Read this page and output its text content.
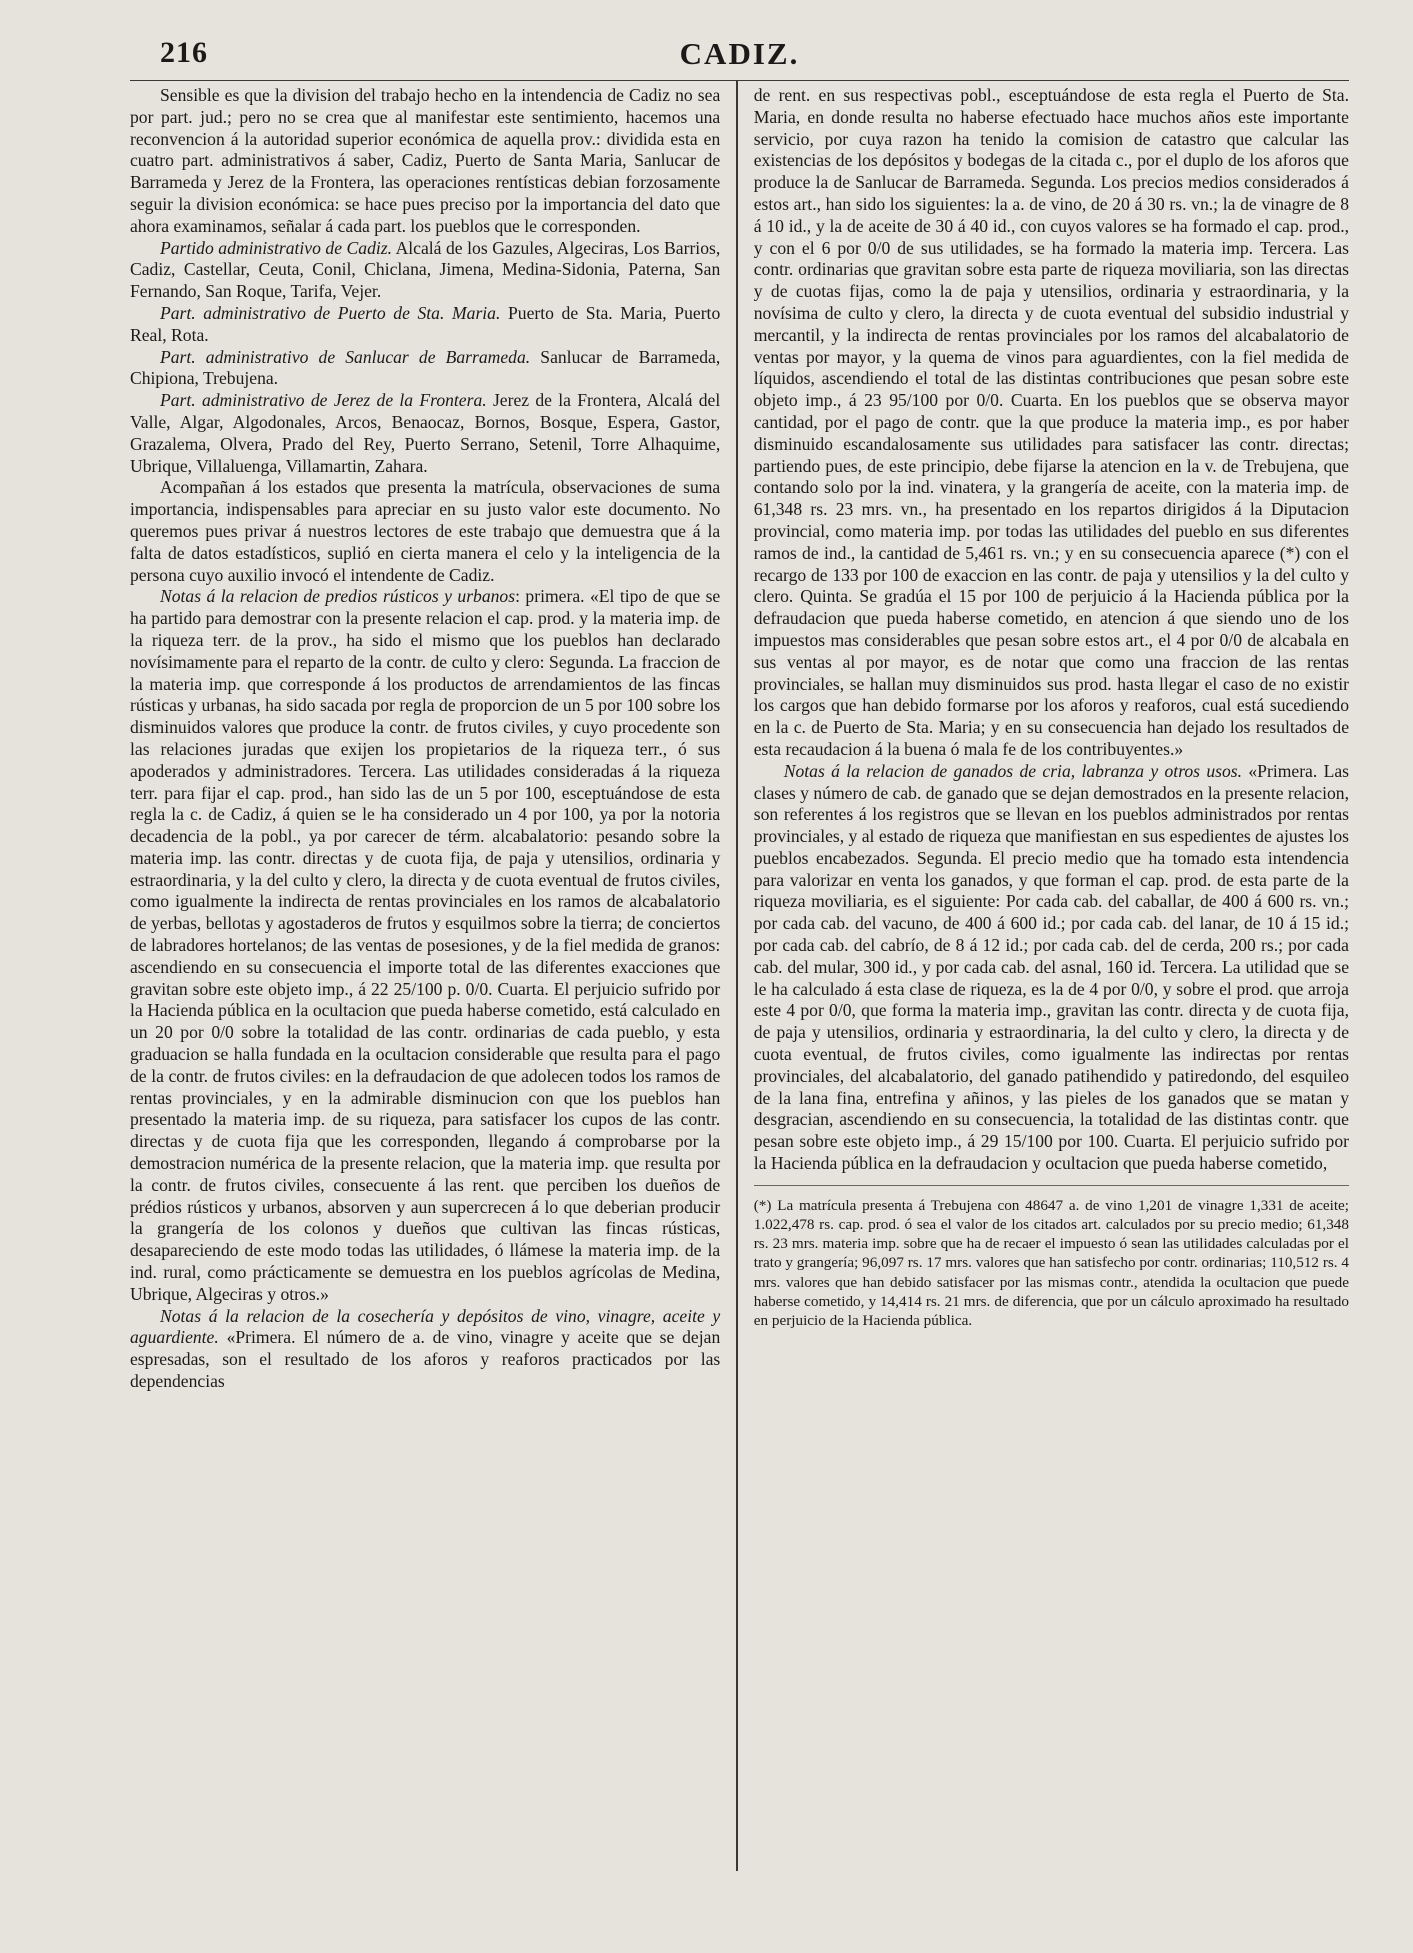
216	CADIZ.

Sensible es que la division del trabajo hecho en la intendencia de Cadiz no sea por part. jud.; pero no se crea que al manifestar este sentimiento, hacemos una reconvencion á la autoridad superior económica de aquella prov.: dividida esta en cuatro part. administrativos á saber, Cadiz, Puerto de Santa Maria, Sanlucar de Barrameda y Jerez de la Frontera, las operaciones rentísticas debian forzosamente seguir la division económica: se hace pues preciso por la importancia del dato que ahora examinamos, señalar á cada part. los pueblos que le corresponden.

Partido administrativo de Cadiz. Alcalá de los Gazules, Algeciras, Los Barrios, Cadiz, Castellar, Ceuta, Conil, Chiclana, Jimena, Medina-Sidonia, Paterna, San Fernando, San Roque, Tarifa, Vejer.

Part. administrativo de Puerto de Sta. Maria. Puerto de Sta. Maria, Puerto Real, Rota.

Part. administrativo de Sanlucar de Barrameda. Sanlucar de Barrameda, Chipiona, Trebujena.

Part. administrativo de Jerez de la Frontera. Jerez de la Frontera, Alcalá del Valle, Algar, Algodonales, Arcos, Benaocaz, Bornos, Bosque, Espera, Gastor, Grazalema, Olvera, Prado del Rey, Puerto Serrano, Setenil, Torre Alhaquime, Ubrique, Villaluenga, Villamartin, Zahara.

Acompañan á los estados que presenta la matrícula, observaciones de suma importancia, indispensables para apreciar en su justo valor este documento. No queremos pues privar á nuestros lectores de este trabajo que demuestra que á la falta de datos estadísticos, suplió en cierta manera el celo y la inteligencia de la persona cuyo auxilio invocó el intendente de Cadiz.

Notas á la relacion de predios rústicos y urbanos: primera. «El tipo de que se ha partido para demostrar con la presente relacion el cap. prod. y la materia imp. de la riqueza terr. de la prov., ha sido el mismo que los pueblos han declarado novísimamente para el reparto de la contr. de culto y clero: Segunda. La fraccion de la materia imp. que corresponde á los productos de arrendamientos de las fincas rústicas y urbanas, ha sido sacada por regla de proporcion de un 5 por 100 sobre los disminuidos valores que produce la contr. de frutos civiles, y cuyo procedente son las relaciones juradas que exijen los propietarios de la riqueza terr., ó sus apoderados y administradores. Tercera. Las utilidades consideradas á la riqueza terr. para fijar el cap. prod., han sido las de un 5 por 100, esceptuándose de esta regla la c. de Cadiz, á quien se le ha considerado un 4 por 100, ya por la notoria decadencia de la pobl., ya por carecer de térm. alcabalatorio: pesando sobre la materia imp. las contr. directas y de cuota fija, de paja y utensilios, ordinaria y estraordinaria, y la del culto y clero, la directa y de cuota eventual de frutos civiles, como igualmente la indirecta de rentas provinciales en los ramos de alcabalatorio de yerbas, bellotas y agostaderos de frutos y esquilmos sobre la tierra; de conciertos de labradores hortelanos; de las ventas de posesiones, y de la fiel medida de granos: ascendiendo en su consecuencia el importe total de las diferentes exacciones que gravitan sobre este objeto imp., á 22 25/100 p. 0/0. Cuarta. El perjuicio sufrido por la Hacienda pública en la ocultacion que pueda haberse cometido, está calculado en un 20 por 0/0 sobre la totalidad de las contr. ordinarias de cada pueblo, y esta graduacion se halla fundada en la ocultacion considerable que resulta para el pago de la contr. de frutos civiles: en la defraudacion de que adolecen todos los ramos de rentas provinciales, y en la admirable disminucion con que los pueblos han presentado la materia imp. de su riqueza, para satisfacer los cupos de las contr. directas y de cuota fija que les corresponden, llegando á comprobarse por la demostracion numérica de la presente relacion, que la materia imp. que resulta por la contr. de frutos civiles, consecuente á las rent. que perciben los dueños de prédios rústicos y urbanos, absorven y aun supercrecen á lo que deberian producir la grangería de los colonos y dueños que cultivan las fincas rústicas, desapareciendo de este modo todas las utilidades, ó llámese la materia imp. de la ind. rural, como prácticamente se demuestra en los pueblos agrícolas de Medina, Ubrique, Algeciras y otros.»

Notas á la relacion de la cosechería y depósitos de vino, vinagre, aceite y aguardiente. «Primera. El número de a. de vino, vinagre y aceite que se dejan espresadas, son el resultado de los aforos y reaforos practicados por las dependencias

de rent. en sus respectivas pobl., esceptuándose de esta regla el Puerto de Sta. Maria, en donde resulta no haberse efectuado hace muchos años este importante servicio, por cuya razon ha tenido la comision de catastro que calcular las existencias de los depósitos y bodegas de la citada c., por el duplo de los aforos que produce la de Sanlucar de Barrameda. Segunda. Los precios medios considerados á estos art., han sido los siguientes: la a. de vino, de 20 á 30 rs. vn.; la de vinagre de 8 á 10 id., y la de aceite de 30 á 40 id., con cuyos valores se ha formado el cap. prod., y con el 6 por 0/0 de sus utilidades, se ha formado la materia imp. Tercera. Las contr. ordinarias que gravitan sobre esta parte de riqueza moviliaria, son las directas y de cuotas fijas, como la de paja y utensilios, ordinaria y estraordinaria, y la novísima de culto y clero, la directa y de cuota eventual del subsidio industrial y mercantil, y la indirecta de rentas provinciales por los ramos del alcabalatorio de ventas por mayor, y la quema de vinos para aguardientes, con la fiel medida de líquidos, ascendiendo el total de las distintas contribuciones que pesan sobre este objeto imp., á 23 95/100 por 0/0. Cuarta. En los pueblos que se observa mayor cantidad, por el pago de contr. que la que produce la materia imp., es por haber disminuido escandalosamente sus utilidades para satisfacer las contr. directas; partiendo pues, de este principio, debe fijarse la atencion en la v. de Trebujena, que contando solo por la ind. vinatera, y la grangería de aceite, con la materia imp. de 61,348 rs. 23 mrs. vn., ha presentado en los repartos dirigidos á la Diputacion provincial, como materia imp. por todas las utilidades del pueblo en sus diferentes ramos de ind., la cantidad de 5,461 rs. vn.; y en su consecuencia aparece (*) con el recargo de 133 por 100 de exaccion en las contr. de paja y utensilios y la del culto y clero. Quinta. Se gradúa el 15 por 100 de perjuicio á la Hacienda pública por la defraudacion que pueda haberse cometido, en atencion á que siendo uno de los impuestos mas considerables que pesan sobre estos art., el 4 por 0/0 de alcabala en sus ventas al por mayor, es de notar que como una fraccion de las rentas provinciales, se hallan muy disminuidos sus prod. hasta llegar el caso de no existir los cargos que han debido formarse por los aforos y reaforos, cual está sucediendo en la c. de Puerto de Sta. Maria; y en su consecuencia han dejado los resultados de esta recaudacion á la buena ó mala fe de los contribuyentes.»

Notas á la relacion de ganados de cria, labranza y otros usos. «Primera. Las clases y número de cab. de ganado que se dejan demostrados en la presente relacion, son referentes á los registros que se llevan en los pueblos administrados por rentas provinciales, y al estado de riqueza que manifiestan en sus espedientes de ajustes los pueblos encabezados. Segunda. El precio medio que ha tomado esta intendencia para valorizar en venta los ganados, y que forman el cap. prod. de esta parte de la riqueza moviliaria, es el siguiente: Por cada cab. del caballar, de 400 á 600 rs. vn.; por cada cab. del vacuno, de 400 á 600 id.; por cada cab. del lanar, de 10 á 15 id.; por cada cab. del cabrío, de 8 á 12 id.; por cada cab. del de cerda, 200 rs.; por cada cab. del mular, 300 id., y por cada cab. del asnal, 160 id. Tercera. La utilidad que se le ha calculado á esta clase de riqueza, es la de 4 por 0/0, y sobre el prod. que arroja este 4 por 0/0, que forma la materia imp., gravitan las contr. directa y de cuota fija, de paja y utensilios, ordinaria y estraordinaria, la del culto y clero, la directa y de cuota eventual, de frutos civiles, como igualmente las indirectas por rentas provinciales, del alcabalatorio, del ganado patihendido y patiredondo, del esquileo de la lana fina, entrefina y añinos, y las pieles de los ganados que se matan y desgracian, ascendiendo en su consecuencia, la totalidad de las distintas contr. que pesan sobre este objeto imp., á 29 15/100 por 100. Cuarta. El perjuicio sufrido por la Hacienda pública en la defraudacion y ocultacion que pueda haberse cometido,

(*) La matrícula presenta á Trebujena con 48647 a. de vino 1,201 de vinagre 1,331 de aceite; 1.022,478 rs. cap. prod. ó sea el valor de los citados art. calculados por su precio medio; 61,348 rs. 23 mrs. materia imp. sobre que ha de recaer el impuesto ó sean las utilidades calculadas por el trato y grangería; 96,097 rs. 17 mrs. valores que han satisfecho por contr. ordinarias; 110,512 rs. 4 mrs. valores que han debido satisfacer por las mismas contr., atendida la ocultacion que puede haberse cometido, y 14,414 rs. 21 mrs. de diferencia, que por un cálculo aproximado ha resultado en perjuicio de la Hacienda pública.
